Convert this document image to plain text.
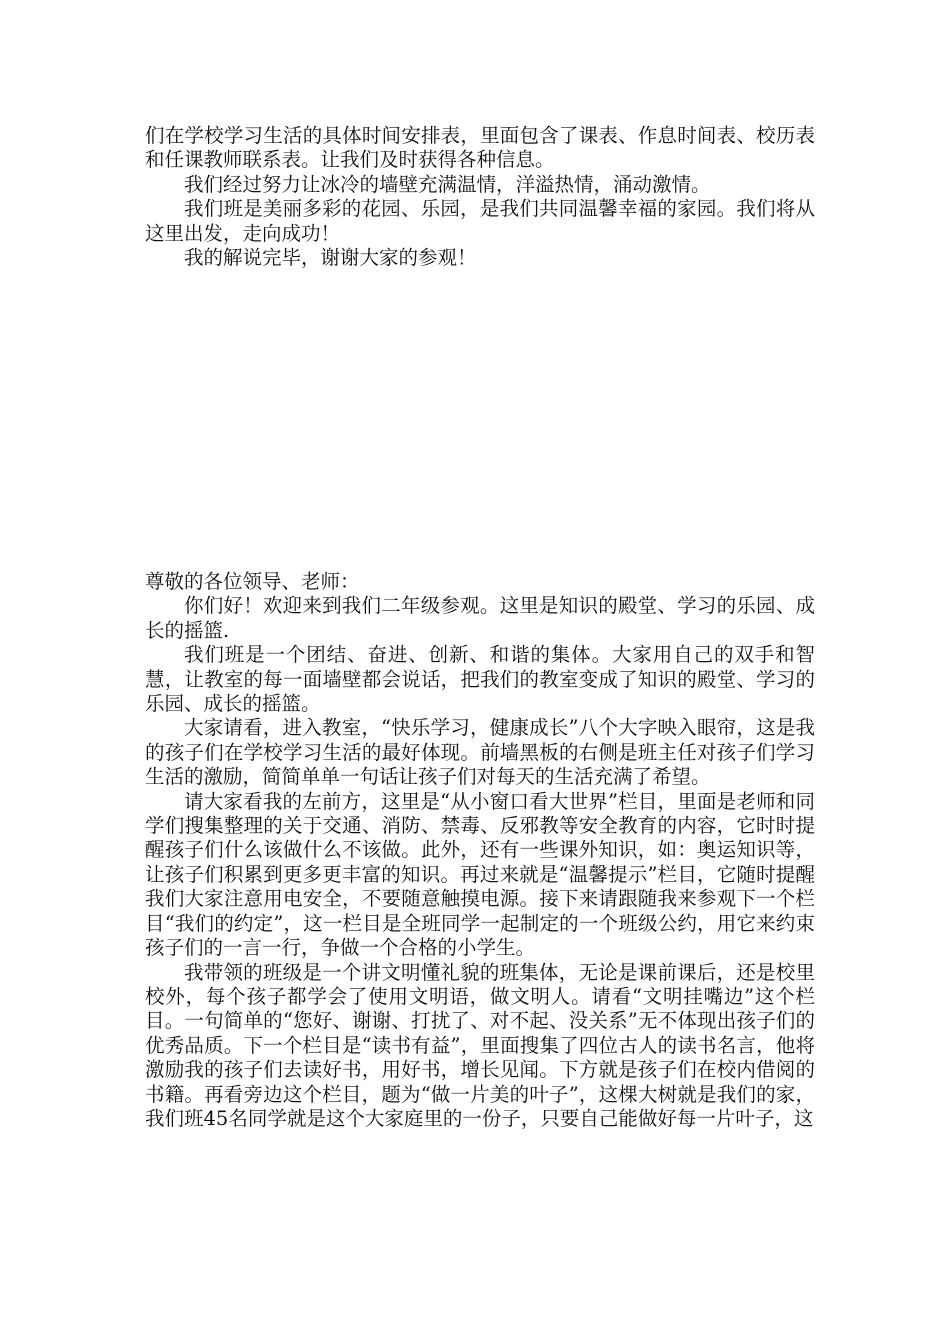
们在学校学习生活的具体时间安排表，里面包含了课表、作息时间表、校历表和任课教师联系表。让我们及时获得各种信息。

我们经过努力让冰冷的墙壁充满温情，洋溢热情，涌动激情。

我们班是美丽多彩的花园、乐园，是我们共同温馨幸福的家园。我们将从这里出发，走向成功！

我的解说完毕，谢谢大家的参观！

尊敬的各位领导、老师：

你们好！欢迎来到我们二年级参观。这里是知识的殿堂、学习的乐园、成长的摇篮.

我们班是一个团结、奋进、创新、和谐的集体。大家用自己的双手和智慧，让教室的每一面墙壁都会说话，把我们的教室变成了知识的殿堂、学习的乐园、成长的摇篮。

大家请看，进入教室，“快乐学习，健康成长”八个大字映入眼帘，这是我的孩子们在学校学习生活的最好体现。前墙黑板的右侧是班主任对孩子们学习生活的激励，简简单单一句话让孩子们对每天的生活充满了希望。

请大家看我的左前方，这里是“从小窗口看大世界”栏目，里面是老师和同学们搜集整理的关于交通、消防、禁毒、反邪教等安全教育的内容，它时时提醒孩子们什么该做什么不该做。此外，还有一些课外知识，如：奥运知识等，让孩子们积累到更多更丰富的知识。再过来就是“温馨提示”栏目，它随时提醒我们大家注意用电安全，不要随意触摸电源。接下来请跟随我来参观下一个栏目“我们的约定”，这一栏目是全班同学一起制定的一个班级公约，用它来约束孩子们的一言一行，争做一个合格的小学生。

我带领的班级是一个讲文明懂礼貌的班集体，无论是课前课后，还是校里校外，每个孩子都学会了使用文明语，做文明人。请看“文明挂嘴边”这个栏目。一句简单的“您好、谢谢、打扰了、对不起、没关系”无不体现出孩子们的优秀品质。下一个栏目是“读书有益”，里面搜集了四位古人的读书名言，他将激励我的孩子们去读好书，用好书，增长见闻。下方就是孩子们在校内借阅的书籍。再看旁边这个栏目，题为“做一片美的叶子”，这棵大树就是我们的家，我们班45名同学就是这个大家庭里的一份子，只要自己能做好每一片叶子，这
